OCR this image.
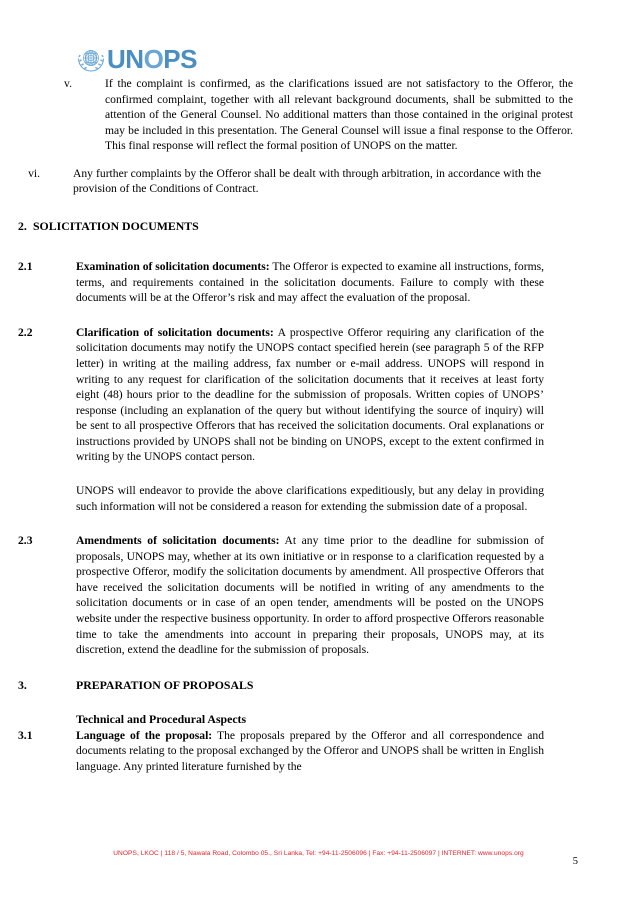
UNOPS
v.	If the complaint is confirmed, as the clarifications issued are not satisfactory to the Offeror, the confirmed complaint, together with all relevant background documents, shall be submitted to the attention of the General Counsel. No additional matters than those contained in the original protest may be included in this presentation. The General Counsel will issue a final response to the Offeror. This final response will reflect the formal position of UNOPS on the matter.
vi.	Any further complaints by the Offeror shall be dealt with through arbitration, in accordance with the provision of the Conditions of Contract.
2. SOLICITATION DOCUMENTS
2.1	Examination of solicitation documents: The Offeror is expected to examine all instructions, forms, terms, and requirements contained in the solicitation documents. Failure to comply with these documents will be at the Offeror’s risk and may affect the evaluation of the proposal.
2.2	Clarification of solicitation documents: A prospective Offeror requiring any clarification of the solicitation documents may notify the UNOPS contact specified herein (see paragraph 5 of the RFP letter) in writing at the mailing address, fax number or e-mail address. UNOPS will respond in writing to any request for clarification of the solicitation documents that it receives at least forty eight (48) hours prior to the deadline for the submission of proposals. Written copies of UNOPS’ response (including an explanation of the query but without identifying the source of inquiry) will be sent to all prospective Offerors that has received the solicitation documents. Oral explanations or instructions provided by UNOPS shall not be binding on UNOPS, except to the extent confirmed in writing by the UNOPS contact person.
UNOPS will endeavor to provide the above clarifications expeditiously, but any delay in providing such information will not be considered a reason for extending the submission date of a proposal.
2.3	Amendments of solicitation documents: At any time prior to the deadline for submission of proposals, UNOPS may, whether at its own initiative or in response to a clarification requested by a prospective Offeror, modify the solicitation documents by amendment. All prospective Offerors that have received the solicitation documents will be notified in writing of any amendments to the solicitation documents or in case of an open tender, amendments will be posted on the UNOPS website under the respective business opportunity. In order to afford prospective Offerors reasonable time to take the amendments into account in preparing their proposals, UNOPS may, at its discretion, extend the deadline for the submission of proposals.
3.	PREPARATION OF PROPOSALS
Technical and Procedural Aspects
3.1	Language of the proposal: The proposals prepared by the Offeror and all correspondence and documents relating to the proposal exchanged by the Offeror and UNOPS shall be written in English language. Any printed literature furnished by the
UNOPS, LKOC | 118 / 5, Nawala Road, Colombo 05., Sri Lanka, Tel: +94-11-2506096 | Fax: +94-11-2506097 | INTERNET: www.unops.org
5
